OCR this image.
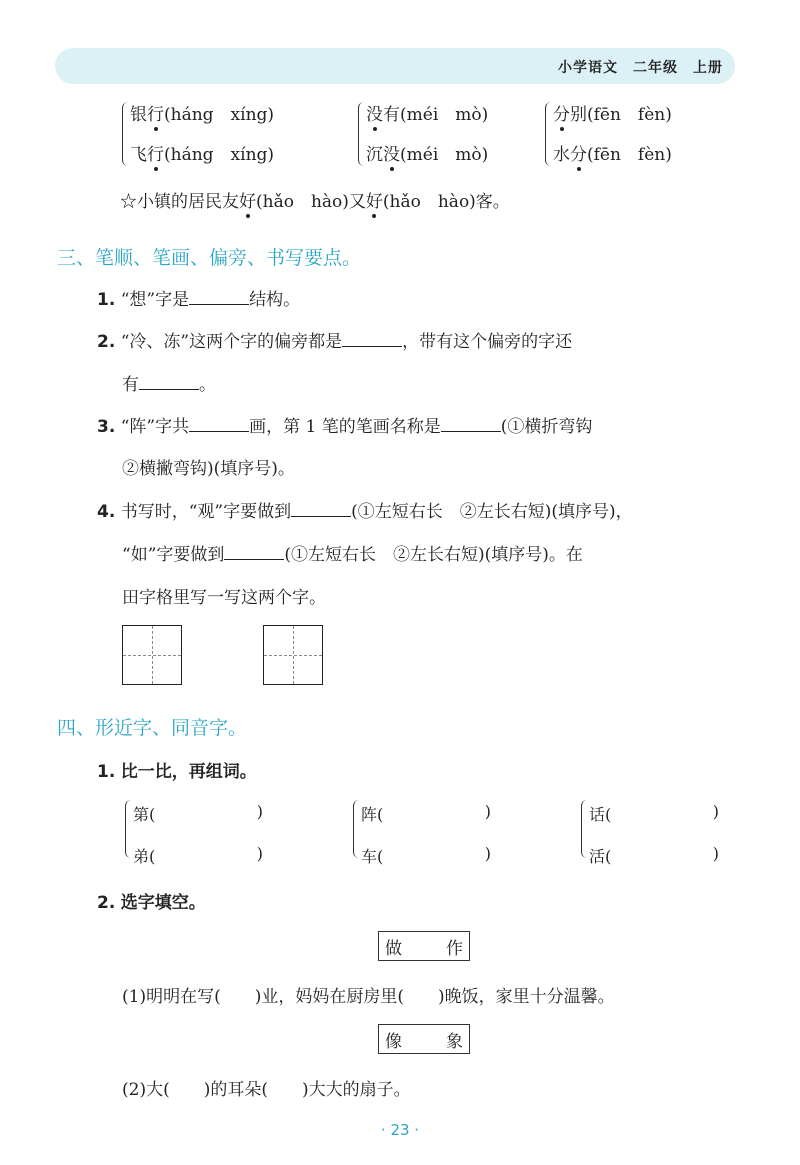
小学语文　二年级　上册
银行(háng　xíng)
飞行(háng　xíng)
没有(méi　mò)
沉没(méi　mò)
分别(fēn　fèn)
水分(fēn　fèn)
☆小镇的居民友好(hǎo　hào)又好(hǎo　hào)客。
三、笔顺、笔画、偏旁、书写要点。
1. “想”字是	结构。
2. “冷、冻”这两个字的偏旁都是	，带有这个偏旁的字还
有	。
3. “阵”字共	画，第 1 笔的笔画名称是	(①横折弯钩
②横撇弯钩)(填序号)。
4. 书写时，“观”字要做到	(①左短右长　②左长右短)(填序号)，
“如”字要做到	(①左短右长　②左长右短)(填序号)。在
田字格里写一写这两个字。
四、形近字、同音字。
1. 比一比，再组词。
第(	)
弟(	)
阵(	)
车(	)
话(	)
活(	)
2. 选字填空。
做	作
(1)明明在写(　　)业，妈妈在厨房里(　　)晚饭，家里十分温馨。
像	象
(2)大(　　)的耳朵(　　)大大的扇子。
· 23 ·
